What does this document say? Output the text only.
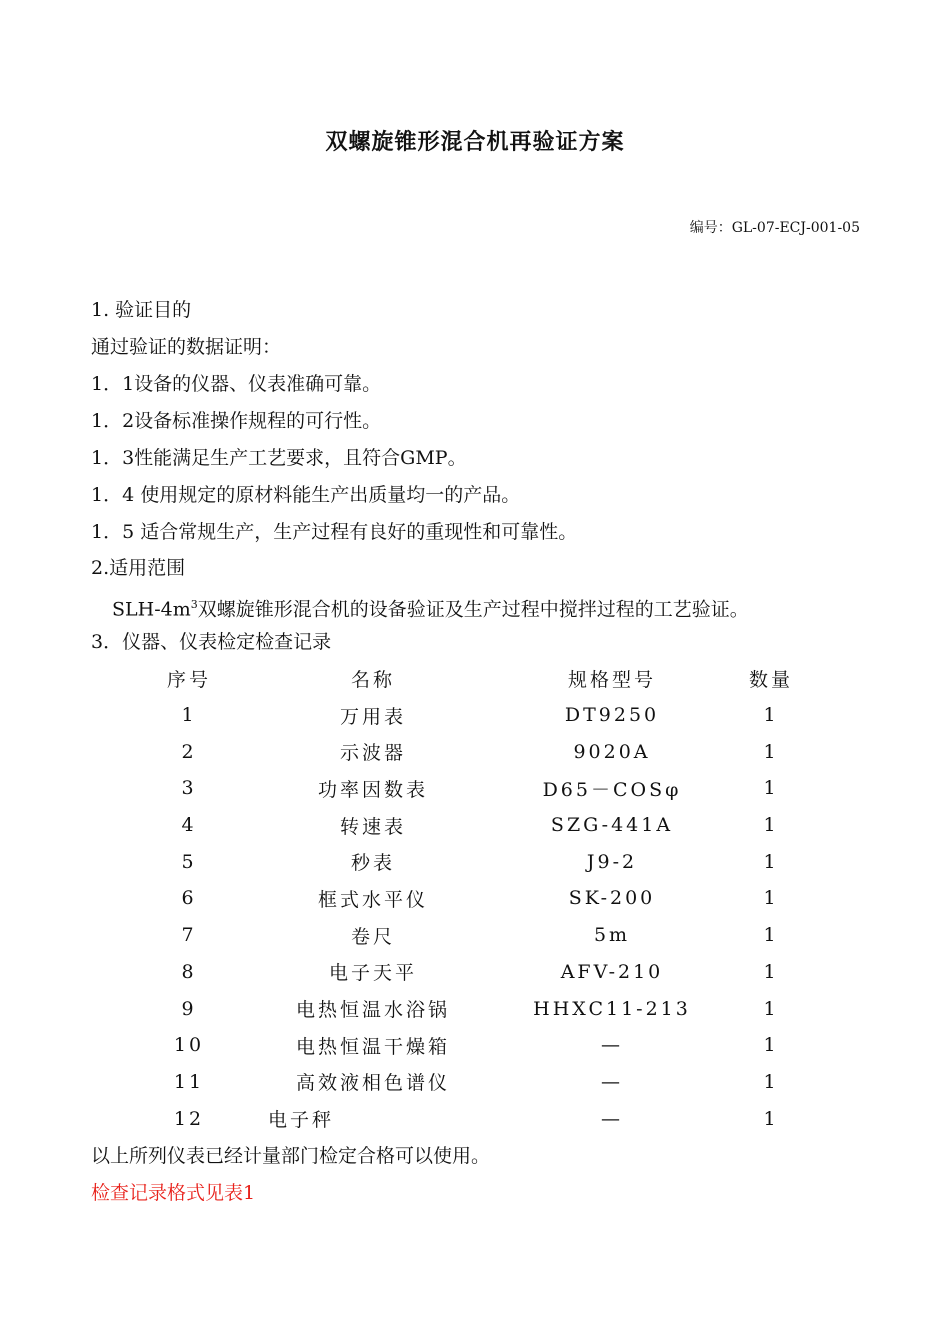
双螺旋锥形混合机再验证方案
编号：GL-07-ECJ-001-05
1. 验证目的
通过验证的数据证明：
1．1设备的仪器、仪表准确可靠。
1．2设备标准操作规程的可行性。
1．3性能满足生产工艺要求，且符合GMP。
1．4 使用规定的原材料能生产出质量均一的产品。
1．5 适合常规生产，生产过程有良好的重现性和可靠性。
2.适用范围
SLH-$4m^3$双螺旋锥形混合机的设备验证及生产过程中搅拌过程的工艺验证。
3．仪器、仪表检定检查记录
序号	名称	规格型号	数量
1	万用表	DT9250	1
2	示波器	9020A	1
3	功率因数表	D65－COSφ	1
4	转速表	SZG-441A	1
5	秒表	J9-2	1
6	框式水平仪	SK-200	1
7	卷尺	5m	1
8	电子天平	AFV-210	1
9	电热恒温水浴锅	HHXC11-213	1
10	电热恒温干燥箱	—	1
11	高效液相色谱仪	—	1
12	电子秤	—	1
以上所列仪表已经计量部门检定合格可以使用。
检查记录格式见表1
